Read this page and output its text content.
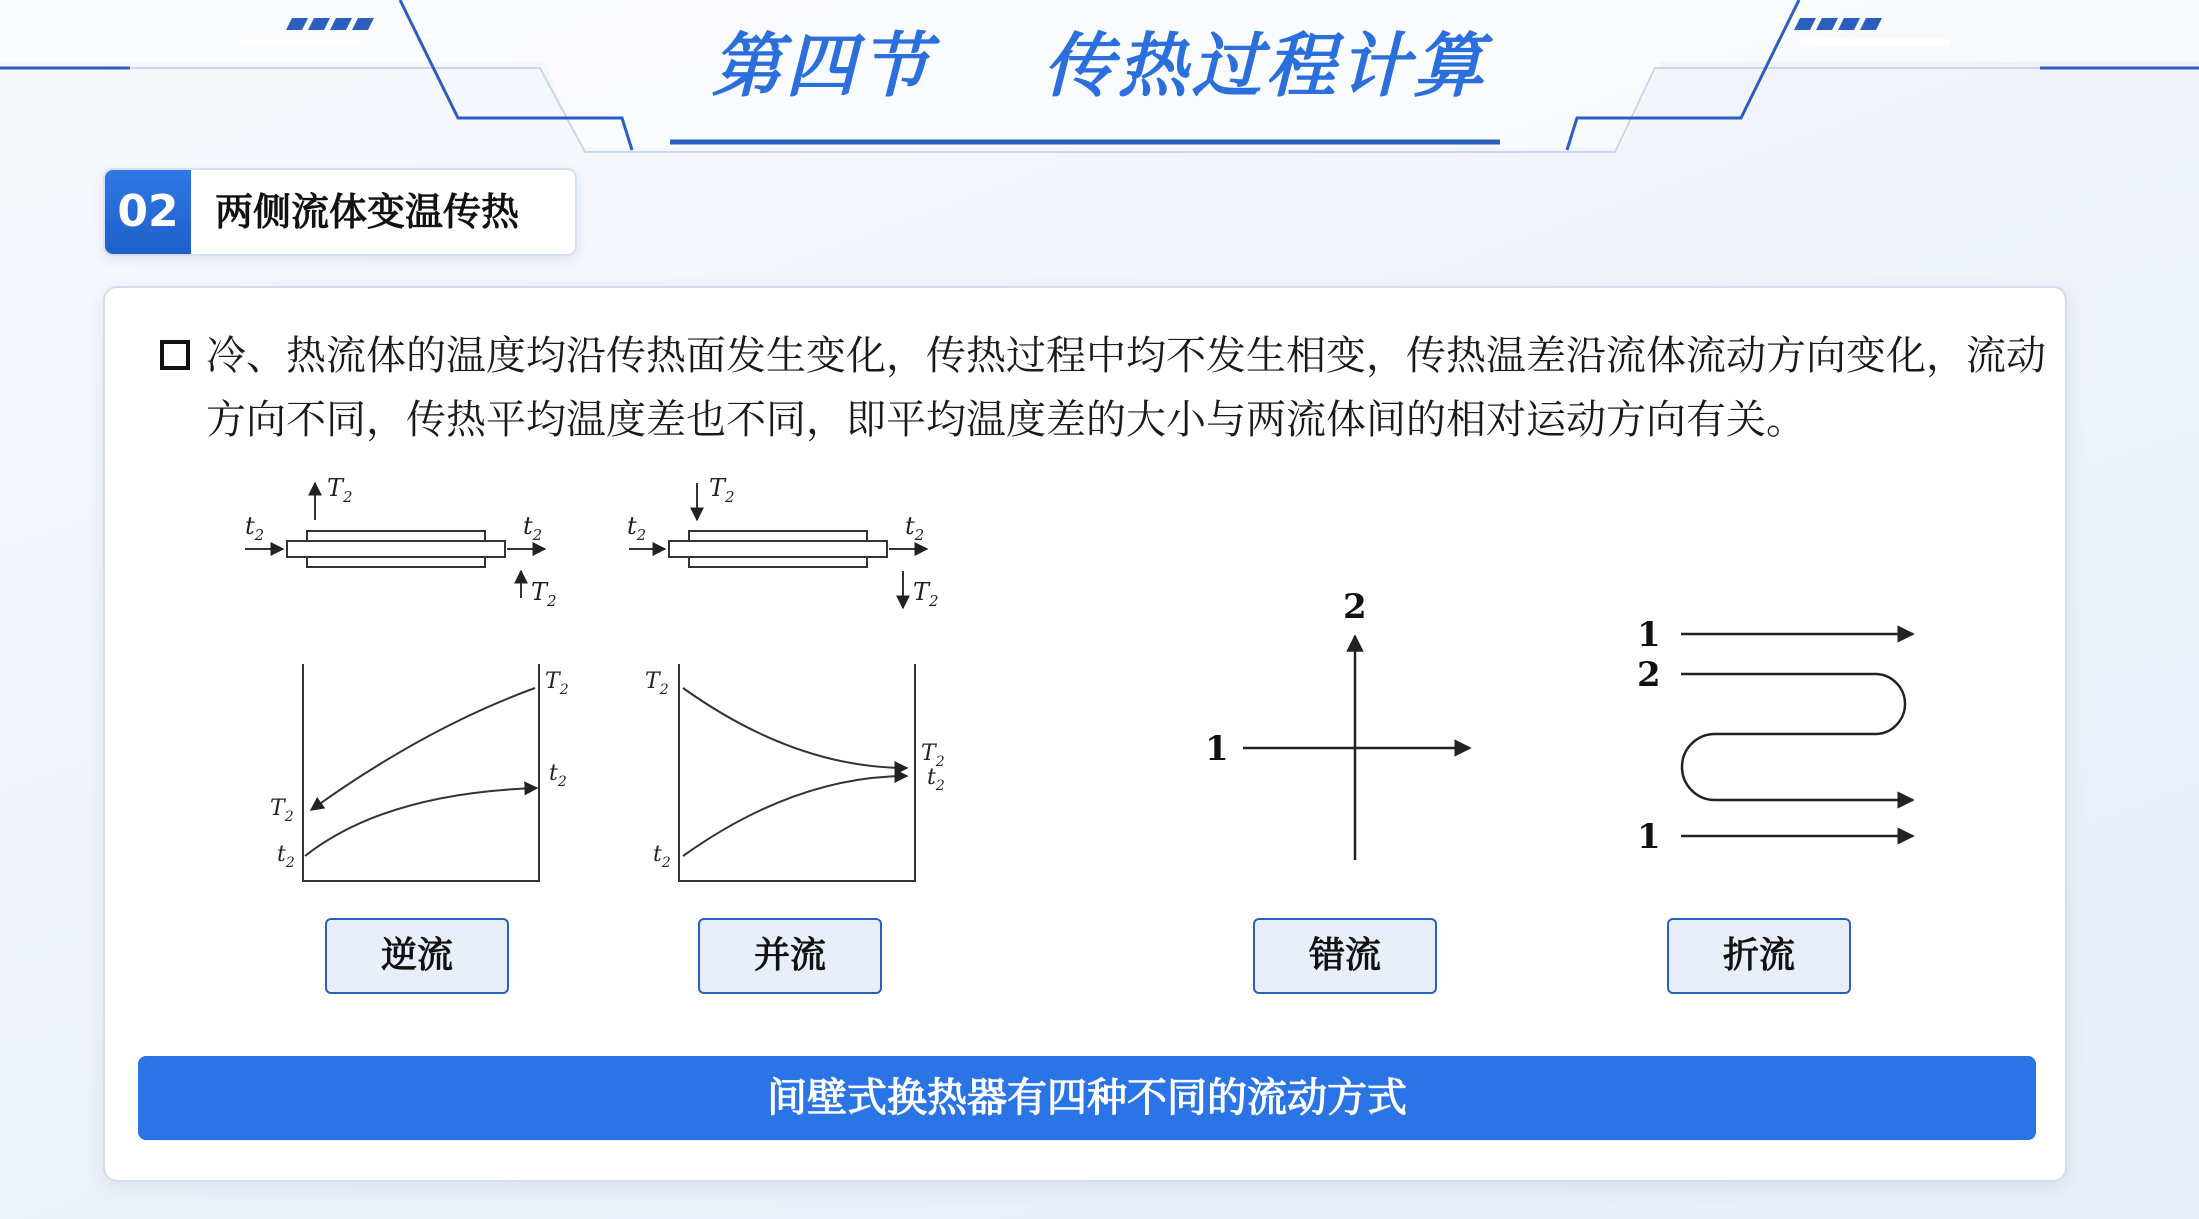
第四节 传热过程计算
02 两侧流体变温传热
冷、热流体的温度均沿传热面发生变化，传热过程中均不发生相变，传热温差沿流体流动方向变化，流动方向不同，传热平均温度差也不同，即平均温度差的大小与两流体间的相对运动方向有关。
$t_2$	$t_2$
$T_2$
$T_2$
$T_2$
$t_2$
$T_2$
$t_2$
$t_2$	$t_2$
$T_2$
$T_2$
$T_2$
$t_2$
$T_2$
$t_2$
2
1
1
2
1
逆流	并流	错流	折流
间壁式换热器有四种不同的流动方式
